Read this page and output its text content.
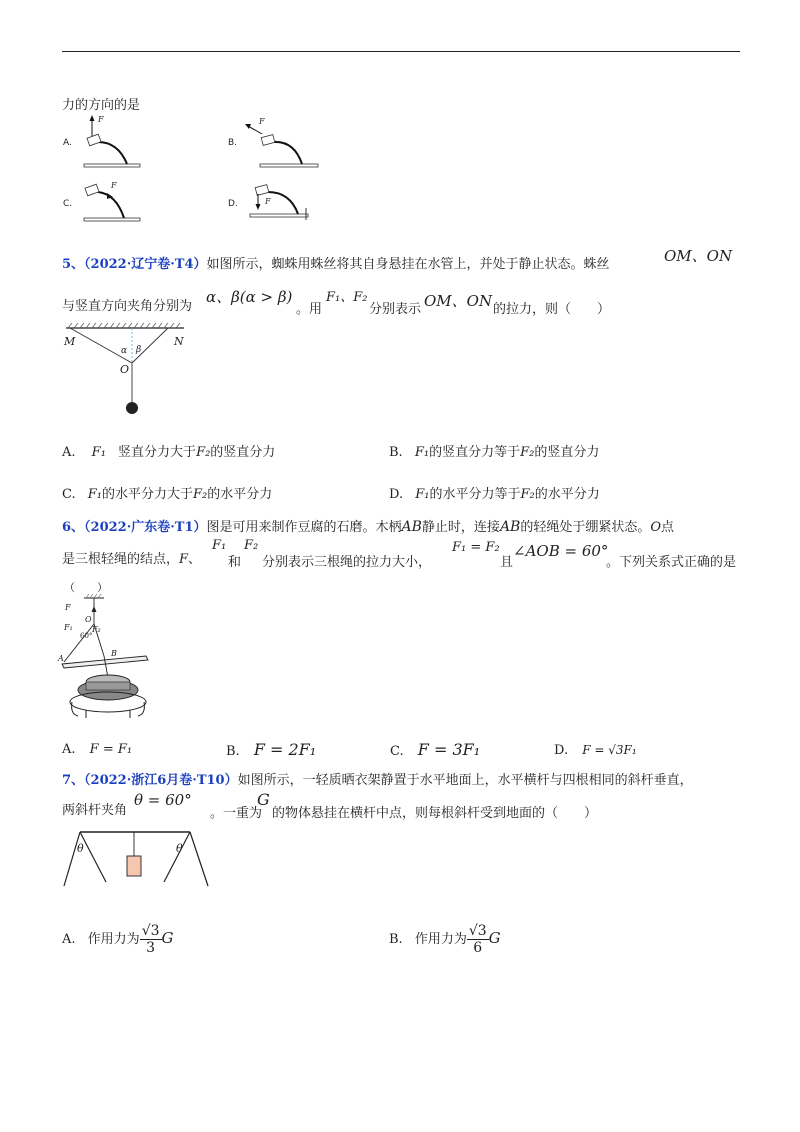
力的方向的是
A.
F
B.
F
C.
F
D.	F
5、（2022·辽宁卷·T4）如图所示，蜘蛛用蛛丝将其自身悬挂在水管上，并处于静止状态。蛛丝	OM、ON
与竖直方向夹角分别为
α、β(α > β)
。用
F₁、F₂
分别表示 OM、ON 的拉力，则（　　）
M	N
O
α β
A. F₁ 竖直分力大于F₂的竖直分力	B. F₁的竖直分力等于F₂的竖直分力
C. F₁的水平分力大于F₂的水平分力	D. F₁的水平分力等于F₂的水平分力
6、（2022·广东卷·T1）图是可用来制作豆腐的石磨。木柄AB静止时，连接AB的轻绳处于绷紧状态。O点
是三根轻绳的结点，F、
F₁
和
F₂
分别表示三根绳的拉力大小，
F₁ = F₂
且
∠AOB = 60°
。下列关系式正确的是
（　　）
F
O
F₁ F₂
60°
A
B
A. F = F₁	B. F = 2F₁	C. F = 3F₁	D. F = √3F₁
7、（2022·浙江6月卷·T10）如图所示，一轻质晒衣架静置于水平地面上，水平横杆与四根相同的斜杆垂直，
两斜杆夹角
θ = 60°
。一重为
G
的物体悬挂在横杆中点，则每根斜杆受到地面的（　　）
θ	θ
A. 作用力为 $\frac{√3}{3}$ G	B. 作用力为 $\frac{√3}{6}$ G
